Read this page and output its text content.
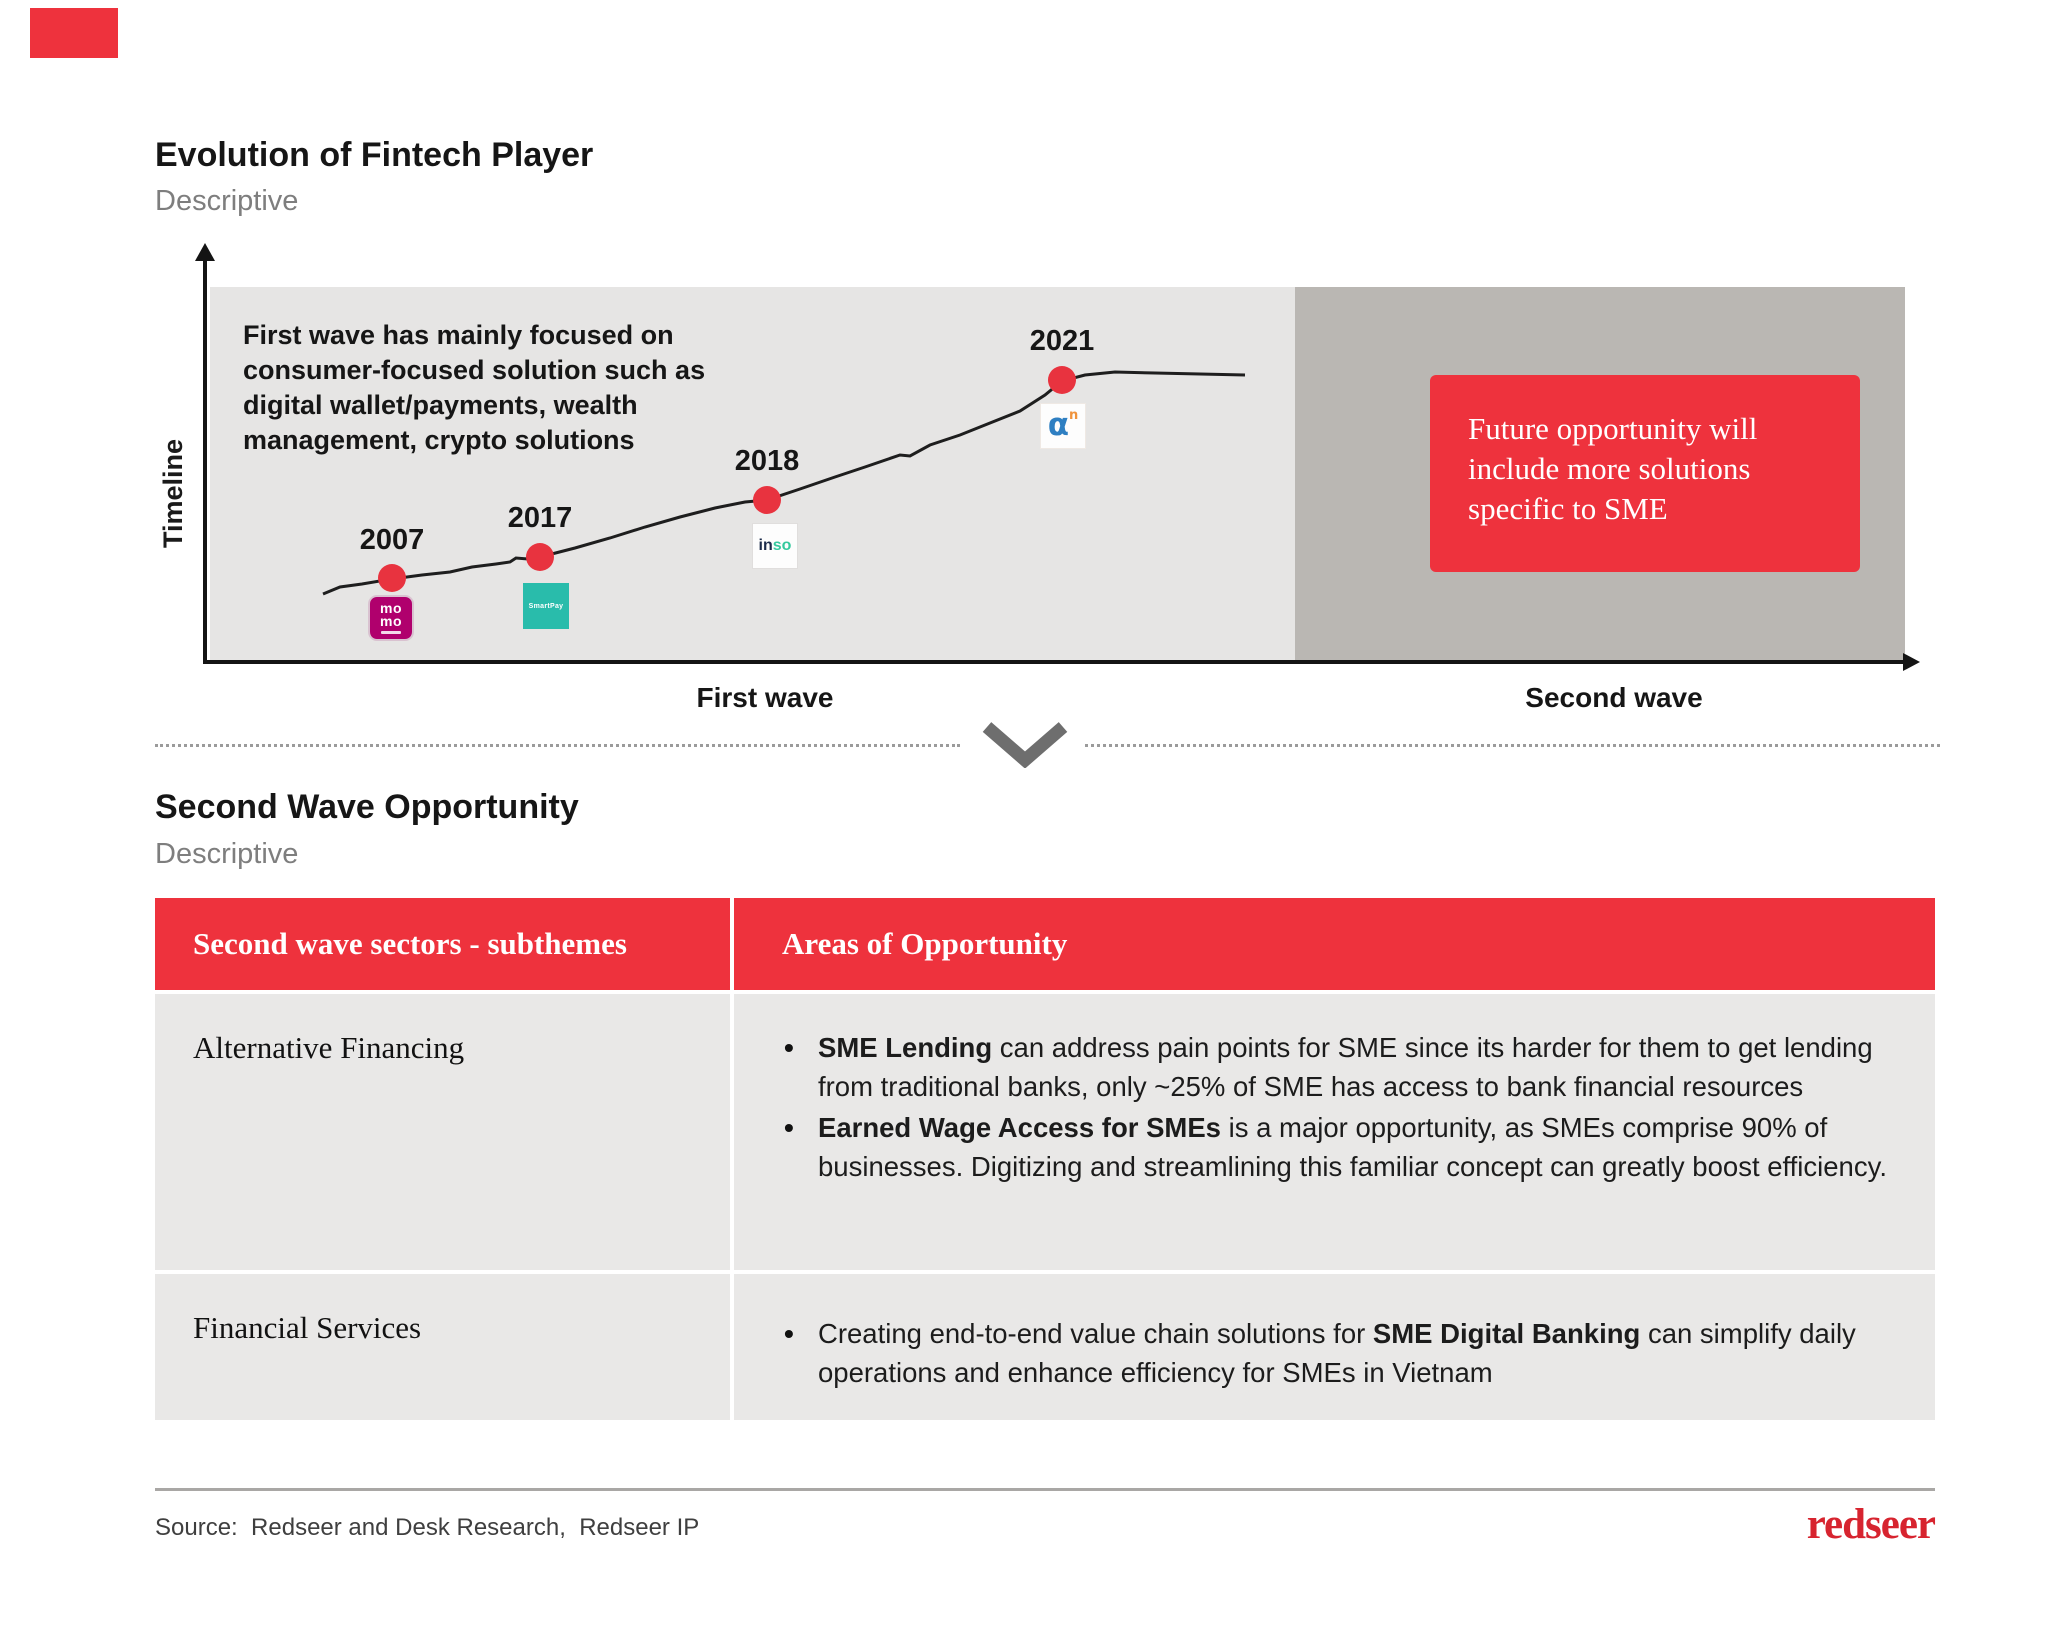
Evolution of Fintech Player
Descriptive
Timeline

First wave has mainly focused on consumer-focused solution such as digital wallet/payments, wealth management, crypto solutions

2007
2017
2018
2021
mo
mo
SmartPay
in so
α n	Future opportunity will include more solutions specific to SME

First wave	Second wave
Second Wave Opportunity
Descriptive
Second wave sectors - subthemes	Areas of Opportunity
Alternative Financing	• SME Lending can address pain points for SME since its harder for them to get lending from traditional banks, only ~25% of SME has access to bank financial resources
• Earned Wage Access for SMEs is a major opportunity, as SMEs comprise 90% of businesses. Digitizing and streamlining this familiar concept can greatly boost efficiency.
Financial Services	• Creating end-to-end value chain solutions for SME Digital Banking can simplify daily operations and enhance efficiency for SMEs in Vietnam
Source:  Redseer and Desk Research,  Redseer IP	redseer
